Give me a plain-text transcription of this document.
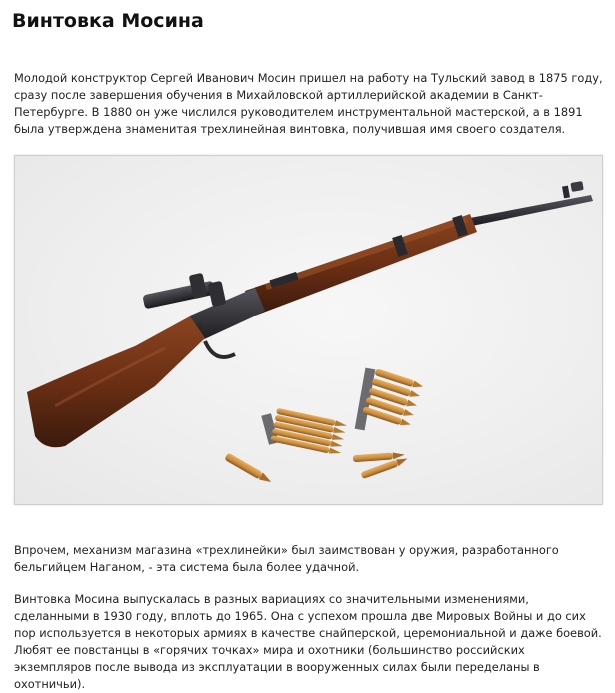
Винтовка Мосина

Молодой конструктор Сергей Иванович Мосин пришел на работу на Тульский завод в 1875 году, сразу после завершения обучения в Михайловской артиллерийской академии в Санкт-Петербурге. В 1880 он уже числился руководителем инструментальной мастерской, а в 1891 была утверждена знаменитая трехлинейная винтовка, получившая имя своего создателя.

Впрочем, механизм магазина «трехлинейки» был заимствован у оружия, разработанного бельгийцем Наганом, - эта система была более удачной.

Винтовка Мосина выпускалась в разных вариациях со значительными изменениями, сделанными в 1930 году, вплоть до 1965. Она с успехом прошла две Мировых Войны и до сих пор используется в некоторых армиях в качестве снайперской, церемониальной и даже боевой. Любят ее повстанцы в «горячих точках» мира и охотники (большинство российских экземпляров после вывода из эксплуатации в вооруженных силах были переделаны в охотничьи).
